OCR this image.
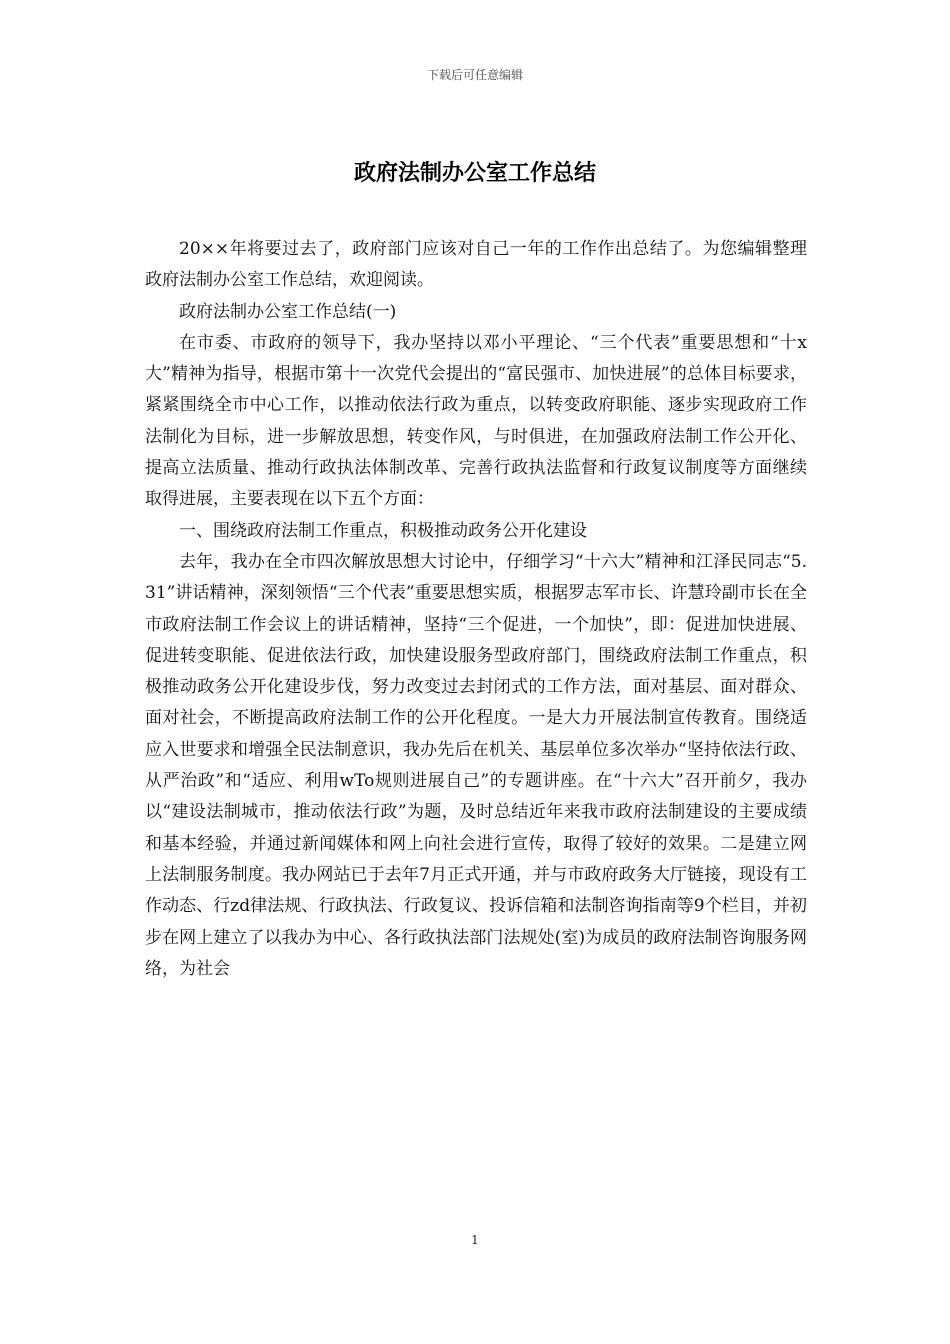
下载后可任意编辑
政府法制办公室工作总结

20××年将要过去了，政府部门应该对自己一年的工作作出总结了。为您编辑整理政府法制办公室工作总结，欢迎阅读。

政府法制办公室工作总结(一)

在市委、市政府的领导下，我办坚持以邓小平理论、“三个代表”重要思想和“十x大”精神为指导，根据市第十一次党代会提出的“富民强市、加快进展”的总体目标要求，紧紧围绕全市中心工作，以推动依法行政为重点，以转变政府职能、逐步实现政府工作法制化为目标，进一步解放思想，转变作风，与时俱进，在加强政府法制工作公开化、提高立法质量、推动行政执法体制改革、完善行政执法监督和行政复议制度等方面继续取得进展，主要表现在以下五个方面：

一、围绕政府法制工作重点，积极推动政务公开化建设

去年，我办在全市四次解放思想大讨论中，仔细学习“十六大”精神和江泽民同志“5.31”讲话精神，深刻领悟“三个代表”重要思想实质，根据罗志军市长、许慧玲副市长在全市政府法制工作会议上的讲话精神，坚持“三个促进，一个加快”，即：促进加快进展、促进转变职能、促进依法行政，加快建设服务型政府部门，围绕政府法制工作重点，积极推动政务公开化建设步伐，努力改变过去封闭式的工作方法，面对基层、面对群众、面对社会，不断提高政府法制工作的公开化程度。一是大力开展法制宣传教育。围绕适应入世要求和增强全民法制意识，我办先后在机关、基层单位多次举办“坚持依法行政、从严治政”和“适应、利用wTo规则进展自己”的专题讲座。在“十六大”召开前夕，我办以“建设法制城市，推动依法行政”为题，及时总结近年来我市政府法制建设的主要成绩和基本经验，并通过新闻媒体和网上向社会进行宣传，取得了较好的效果。二是建立网上法制服务制度。我办网站已于去年7月正式开通，并与市政府政务大厅链接，现设有工作动态、行zd律法规、行政执法、行政复议、投诉信箱和法制咨询指南等9个栏目，并初步在网上建立了以我办为中心、各行政执法部门法规处(室)为成员的政府法制咨询服务网络，为社会

1
